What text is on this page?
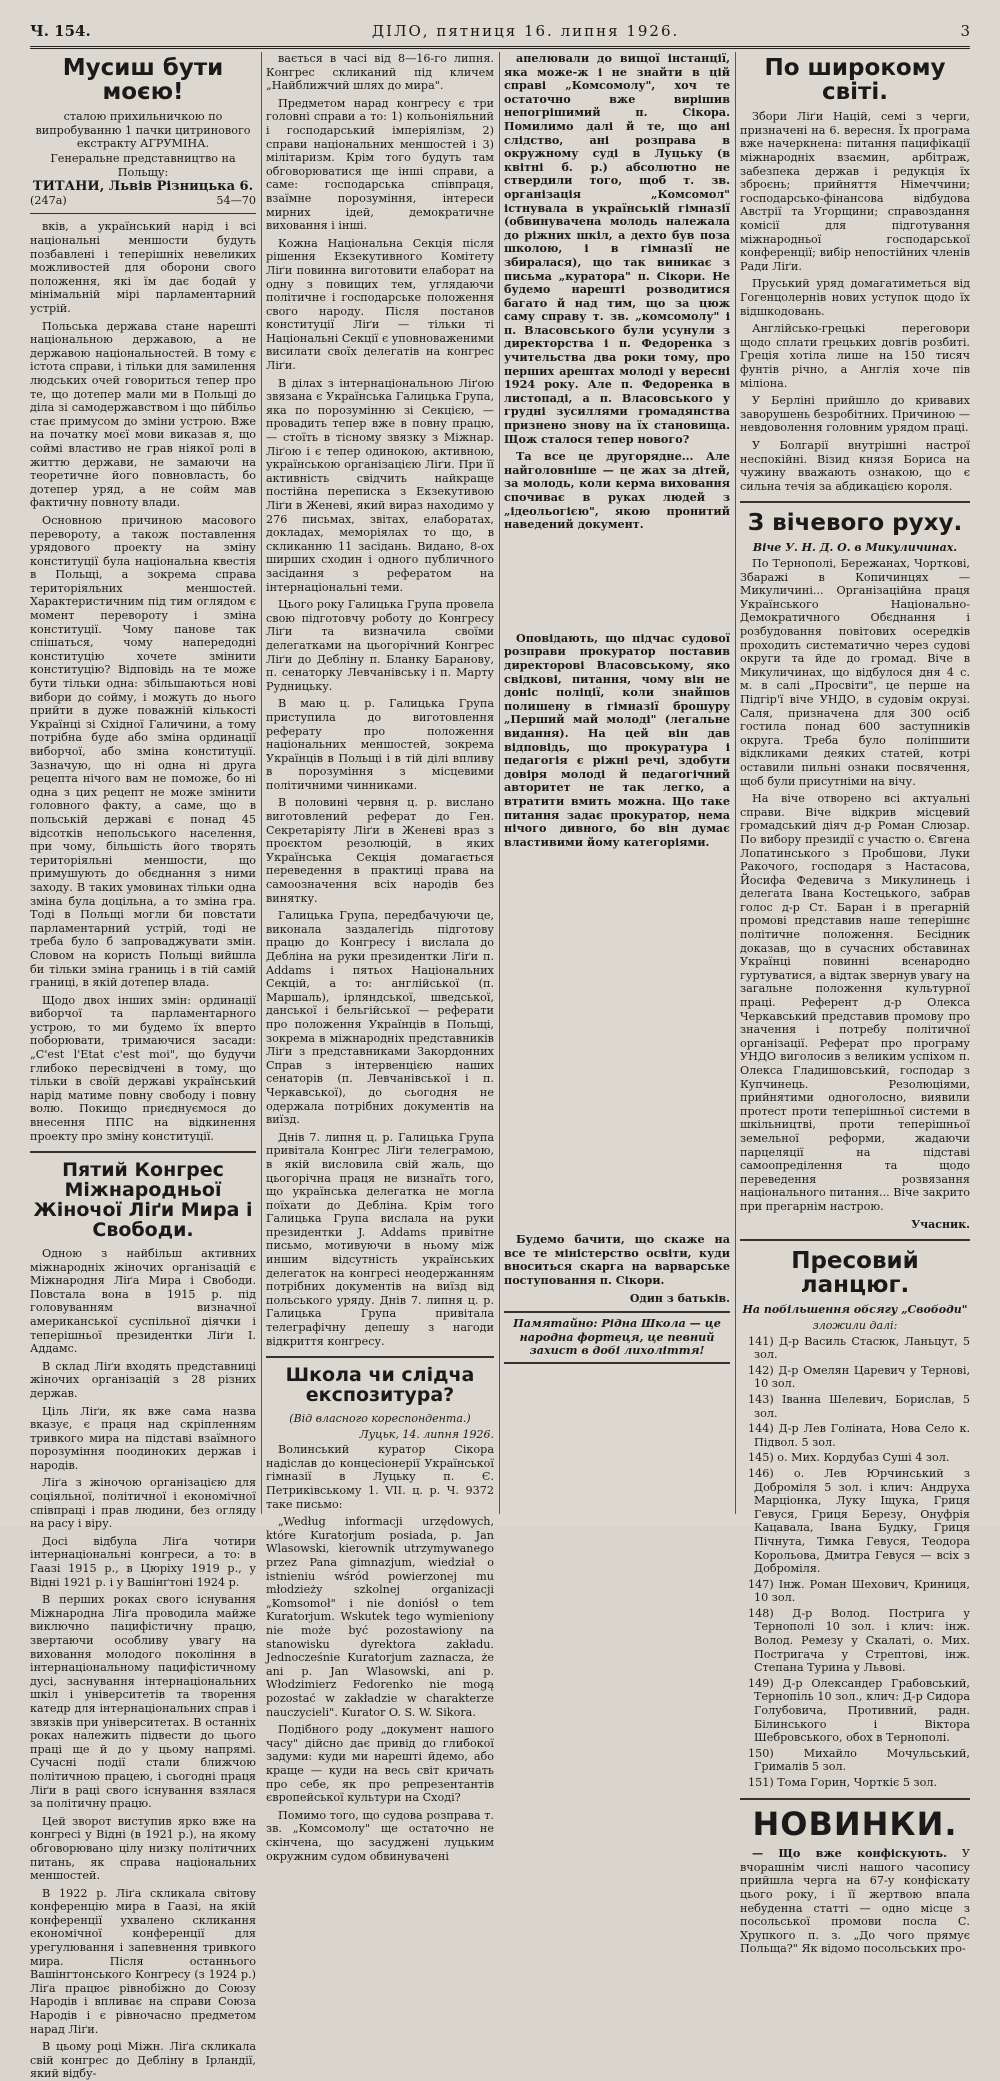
Ч. 154.	ДІЛО, пятниця 16. липня 1926.	3
Мусиш бути моєю!
сталою прихильничкою по випробуванню 1 пачки цитринового екстракту АГРУМІНА.
Генеральне представництво на Польщу:
ТИТАНИ, Львів Різницька 6.
(247а)	54—70

вків, а український нарід і всі національні меншости будуть позбавлені і теперішніх невеликих можливостей для оборони свого положення, які їм дає бодай у мінімальній мірі парламентарний устрій.

Польська держава стане нарешті національною державою, а не державою національностей. В тому є істота справи, і тільки для замилення людських очей говориться тепер про те, що дотепер мали ми в Польщі до діла зі самодержавством і що пйбільо стає примусом до зміни устрою. Вже на початку моєї мови виказав я, що соймі властиво не грав ніякої ролі в життю держави, не замаючи на теоретичне його повновласть, бо дотепер уряд, а не сойм мав фактичну повноту влади.

Основною причиною масового перевороту, а також поставлення урядового проекту на зміну конституції була національна квестія в Польщі, а зокрема справа територіяльних меншостей. Характеристичним під тим оглядом є момент перевороту і зміна конституції. Чому панове так спішаться, чому напередодні конституцію хочете змінити конституцію? Відповідь на те може бути тільки одна: збільшаються нові вибори до сойму, і можуть до нього прийти в дуже поважній кількості Українці зі Східної Галичини, а тому потрібна буде або зміна ординації виборчої, або зміна конституції. Зазначую, що ні одна ні друга рецепта нічого вам не поможе, бо ні одна з цих рецепт не може змінити головного факту, а саме, що в польській державі є понад 45 відсотків непольського населення, при чому, більшість його творять територіяльні меншости, що примушують до обєднання з ними заходу. В таких умовинах тільки одна зміна була доцільна, а то зміна гра. Тоді в Польщі могли би повстати парламентарний устрій, тоді не треба було б запроваджувати змін. Словом на користь Польщі вийшла би тільки зміна границь і в тій самій границі, в якій дотепер влада.

Щодо двох інших змін: ординації виборчої та парламентарного устрою, то ми будемо їх вперто поборювати, тримаючися засади: „С'est l'Etat c'est moi", що будучи глибоко пересвідчені в тому, що тільки в своїй державі український нарід матиме повну свободу і повну волю. Покищо приєднуємося до внесення ППС на відкинення проекту про зміну конституції.

Пятий Конгрес Міжнародньої Жіночої Ліґи Мира і Свободи.

Одною з найбільш активних міжнародніх жіночих організацій є Міжнародня Ліґа Мира і Свободи. Повстала вона в 1915 р. під головуванням визначної американської суспільної діячки і теперішньої президентки Ліґи І. Аддамс.

В склад Ліґи входять представниці жіночих організацій з 28 різних держав.

Ціль Ліґи, як вже сама назва вказує, є праця над скріпленням тривкого мира на підставі взаїмного порозуміння поодиноких держав і народів.

Ліґа з жіночою організацією для соціяльної, політичної і економічної співпраці і прав людини, без огляду на расу і віру.

Досі відбула Ліґа чотири інтернаціональні конгреси, а то: в Гаазі 1915 р., в Цюріху 1919 р., у Відні 1921 р. і у Вашінґтоні 1924 р.

В перших роках свого існування Міжнародна Ліґа проводила майже виключно пацифістичну працю, звертаючи особливу увагу на виховання молодого покоління в інтернаціональному пацифістичному дусі, заснування інтернаціональних шкіл і університетів та творення катедр для інтернаціональних справ і звязків при університетах. В останніх роках належить підвести до цього праці ще й до у цьому напрямі. Сучасні події стали ближчою політичною працею, і сьогодні праця Ліґи в раці свого існування взялася за політичну працю.

Цей зворот виступив ярко вже на конгресі у Відні (в 1921 р.), на якому обговорювано цілу низку політичних питань, як справа національних меншостей.

В 1922 р. Ліґа скликала світову конференцію мира в Гаазі, на якій конференції ухвалено скликання економічної конференції для урегулювання і запевнення тривкого мира. Після останнього Вашінгтонського Конгресу (з 1924 р.) Ліґа працює рівнобіжно до Союзу Народів і впливає на справи Союза Народів і є рівночасно предметом нарад Ліґи.

В цьому році Міжн. Ліґа скликала свій конгрес до Дебліну в Ірландії, який відбу-

вається в часі від 8—16-го липня. Конгрес скликаний під кличем „Найближчий шлях до мира".

Предметом нарад конгресу є три головні справи а то: 1) кольоніяльний і господарський імперіялізм, 2) справи національних меншостей і 3) мілітаризм. Крім того будуть там обговорюватися ще інші справи, а саме: господарська співпраця, взаїмне порозуміння, інтереси мирних ідей, демократичне виховання і інші.

Кожна Національна Секція після рішення Екзекутивного Комітету Ліґи повинна виготовити елаборат на одну з повищих тем, углядаючи політичне і господарське положення свого народу. Після постанов конституції Ліґи — тільки ті Національні Секції є уповноваженими висилати своїх делегатів на конгрес Ліґи.

В ділах з інтернаціональною Ліґою звязана є Українська Галицька Група, яка по порозумінню зі Секцією, — провадить тепер вже в повну працю, — стоїть в тісному звязку з Міжнар. Ліґою і є тепер одинокою, активною, українською організацією Ліґи. При її активність свідчить найкраще постійна переписка з Екзекутивою Ліґи в Женеві, який вираз находимо у 276 письмах, звітах, елаборатах, докладах, меморіялах то що, в скликанню 11 засідань. Видано, 8-ох ширших сходин і одного публичного засідання з рефератом на інтернаціональні теми.

Цього року Галицька Група провела свою підготовчу роботу до Конгресу Ліґи та визначила своїми делегатками на цьогорічний Конгрес Ліґи до Дебліну п. Бланку Баранову, п. сенаторку Левчанівську і п. Марту Рудницьку.

В маю ц. р. Галицька Група приступила до виготовлення реферату про положення національних меншостей, зокрема Українців в Польщі і в тій ділі впливу в порозуміння з місцевими політичними чинниками.

В половині червня ц. р. вислано виготовлений реферат до Ген. Секретаріяту Ліґи в Женеві враз з проєктом резолюцій, в яких Українська Секція домагається переведення в практиці права на самоозначення всіх народів без винятку.

Галицька Група, передбачуючи це, виконала заздалегідь підготову працю до Конгресу і вислала до Дебліна на руки президентки Ліґи п. Addams і пятьох Національних Секцій, а то: англійської (п. Маршаль), ірляндської, шведської, данської і бельгійської — реферати про положення Українців в Польщі, зокрема в міжнародніх представників Ліґи з представниками Закордонних Справ з інтервенцією наших сенаторів (п. Левчанівської і п. Черкавської), до сьогодня не одержала потрібних документів на виїзд.

Днів 7. липня ц. р. Галицька Група привітала Конгрес Ліґи телеграмою, в якій висловила свій жаль, що цьогорічна праця не визнаїть того, що українська делегатка не могла поїхати до Дебліна. Крім того Галицька Група вислала на руки президентки J. Addams привітне письмо, мотивуючи в ньому між иншим відсутність українських делегаток на конгресі неодержанням потрібних документів на виїзд від польського уряду. Днів 7. липня ц. р. Галицька Група привітала телеграфічну депешу з нагоди відкриття конгресу.

Школа чи слідча експозитура?
(Від власного кореспондента.)
Луцьк, 14. липня 1926.

Волинський куратор Сікора надіслав до концесіонерії Української гімназії в Луцьку п. Є. Петриківському 1. VII. ц. р. Ч. 9372 таке письмо:

„Według informacji urzędowych, które Kuratorjum posiada, p. Jan Wlasowski, kierownik utrzymywanego przez Pana gimnazjum, wiedział o istnieniu wśród powierzonej mu młodzieży szkolnej organizacji „Komsomoł" i nie doniósł o tem Kuratorjum. Wskutek tego wymieniony nie może być pozostawiony na stanowisku dyrektora zakładu. Jednocześnie Kuratorjum zaznacza, że ani p. Jan Wlasowski, ani p. Włodzimierz Fedorenko nie mogą pozostać w zakładzie w charakterze nauczycieli". Kurator O. S. W. Sikora.

Подібного роду „документ нашого часу" дійсно дає привід до глибокої задуми: куди ми нарешті йдемо, або краще — куди на весь світ кричать про себе, як про репрезентантів європейської культури на Сході?

Помимо того, що судова розправа т. зв. „Комсомолу" ще остаточно не скінчена, що засуджені луцьким окружним судом обвинувачені

апелювали до вищої інстанції, яка може-ж і не знайти в цій справі „Комсомолу", хоч те остаточно вже вирішив непогрішимий п. Сікора. Помилимо далі й те, що ані слідство, ані розправа в окружному суді в Луцьку (в квітні б. р.) абсолютно не ствердили того, щоб т. зв. організація „Комсомол" істнувала в українській гімназії (обвинувачена молодь належала до ріжних шкіл, а дехто був поза школою, і в гімназії не збиралася), що так виникає з письма „куратора" п. Сікори. Не будемо нарешті розводитися багато й над тим, що за цюж саму справу т. зв. „комсомолу" і п. Власовського були усунули з директорства і п. Федоренка з учительства два роки тому, про перших арештах молоді у вересні 1924 року. Але п. Федоренка в листопаді, а п. Власовського у грудні зусиллями громадянства признено знову на їх становища. Щож сталося тепер нового?

Та все це другорядне... Але найголовніше — це жах за дітей, за молодь, коли керма виховання спочиває в руках людей з „ідеольогією", якою пронитий наведений документ.

Оповідають, що підчас судової розправи прокуратор поставив директорові Власовському, яко свідкові, питання, чому він не доніс поліції, коли знайшов полишену в гімназії брошуру „Перший май молоді" (легальне видання). На цей він дав відповідь, що прокуратура і педагогія є ріжні речі, здобути довіря молоді й педагогічний авторитет не так легко, а втратити вмить можна. Що таке питання задає прокуратор, нема нічого дивного, бо він думає властивими йому категоріями.

Будемо бачити, що скаже на все те міністерство освіти, куди вноситься скарга на варварське поступовання п. Сікори.

Один з батьків.
Памятайно: Рідна Школа — це народна фортеця, це певний захист в добі лихоліття!
По широкому світі.

Збори Ліґи Націй, семі з черги, призначені на 6. вересня. Їх програма вже начеркнена: питання пацифікації міжнародніх взаємин, арбітраж, забезпека держав і редукція їх зброєнь; прийняття Німеччини; господарсько-фінансова відбудова Австрії та Угорщини; справоздання комісії для підготування міжнародньої господарської конференції; вибір непостійних членів Ради Ліґи.

Пруський уряд домагатиметься від Гогенцолернів нових уступок щодо їх відшкодовань.

Англійсько-грецькі переговори щодо сплати грецьких довгів розбиті. Греція хотіла лише на 150 тисяч фунтів річно, а Англія хоче пів міліона.

У Берліні прийшло до кривавих заворушень безробітних. Причиною — невдоволення головним урядом праці.

У Болгарії внутрішні настрої неспокійні. Візид князя Бориса на чужину вважають ознакою, що є сильна течія за абдикацією короля.

З вічевого руху.
Віче У. Н. Д. О. в Микуличинах.

По Тернополі, Бережанах, Чорткові, Збаражі в Копичинцях — Микуличині... Організаційна праця Українського Національно-Демократичного Обєднання і розбудовання повітових осередків проходить систематично через судові округи та йде до громад. Віче в Микуличинах, що відбулося дня 4 с. м. в салі „Просвіти", це перше на Підгір'ї віче УНДО, в судовім окрузі. Саля, призначена для 300 осіб гостила понад 600 заступників округа. Треба було поліпшити відкликами деяких статей, котрі оставили пильні ознаки посвячення, щоб були присутніми на вічу.

На віче отворено всі актуальні справи. Віче відкрив місцевий громадський діяч д-р Роман Слюзар. По вибору президії с участю о. Євгена Лопатинського з Пробшови, Луки Ракочого, господаря з Настасова, Йосифа Федевича з Микулинець і делегата Івана Костецького, забрав голос д-р Ст. Баран і в прегарній промові представив наше теперішнє політичне положення. Бесідник доказав, що в сучасних обставинах Українці повинні всенародно гуртуватися, а відтак звернув увагу на загальне положення культурної праці. Референт д-р Олекса Черкавський представив промову про значення і потребу політичної організації. Реферат про програму УНДО виголосив з великим успіхом п. Олекса Гладишовський, господар з Купчинець. Резолюціями, прийнятими одноголосно, виявили протест проти теперішньої системи в шкільництві, проти теперішньої земельної реформи, жадаючи парцеляції на підставі самоопреділення та щодо переведення розвязання національного питання... Віче закрито при прегарнім настрою.

Учасник.
Пресовий ланцюг.
На побільшення обсягу „Свободи"
зложили далі:
141) Д-р Василь Стасюк, Ланьцут, 5 зол.
142) Д-р Омелян Царевич у Тернові, 10 зол.
143) Іванна Шелевич, Борислав, 5 зол.
144) Д-р Лев Голіната, Нова Село к. Підвол. 5 зол.
145) о. Мих. Кордубаз Суші 4 зол.
146) о. Лев Юрчинський з Доброміля 5 зол. і клич: Андруха Марціонка, Луку Іщука, Гриця Гевуся, Гриця Березу, Онуфрія Кацавала, Івана Будку, Гриця Пічнута, Тимка Гевуся, Теодора Корольова, Дмитра Гевуся — всіх з Доброміля.
147) Інж. Роман Шехович, Криниця, 10 зол.
148) Д-р Волод. Пострига у Тернополі 10 зол. і клич: інж. Волод. Ремезу у Скалаті, о. Мих. Постригача у Стрептові, інж. Степана Турина у Львові.
149) Д-р Олександер Грабовський, Тернопіль 10 зол., клич: Д-р Сидора Голубовича, Противний, радн. Білинського і Віктора Шебровського, обох в Тернополі.
150) Михайло Мочульський, Грималів 5 зол.
151) Тома Горин, Чорткіє 5 зол.
НОВИНКИ.

— Що вже конфіскують. У вчорашнім числі нашого часопису прийшла черга на 67-у конфіскату цього року, і її жертвою впала небуденна статті — одно місце з посольської промови посла С. Хрупкого п. з. „До чого прямує Польща?" Як відомо посольських про-
